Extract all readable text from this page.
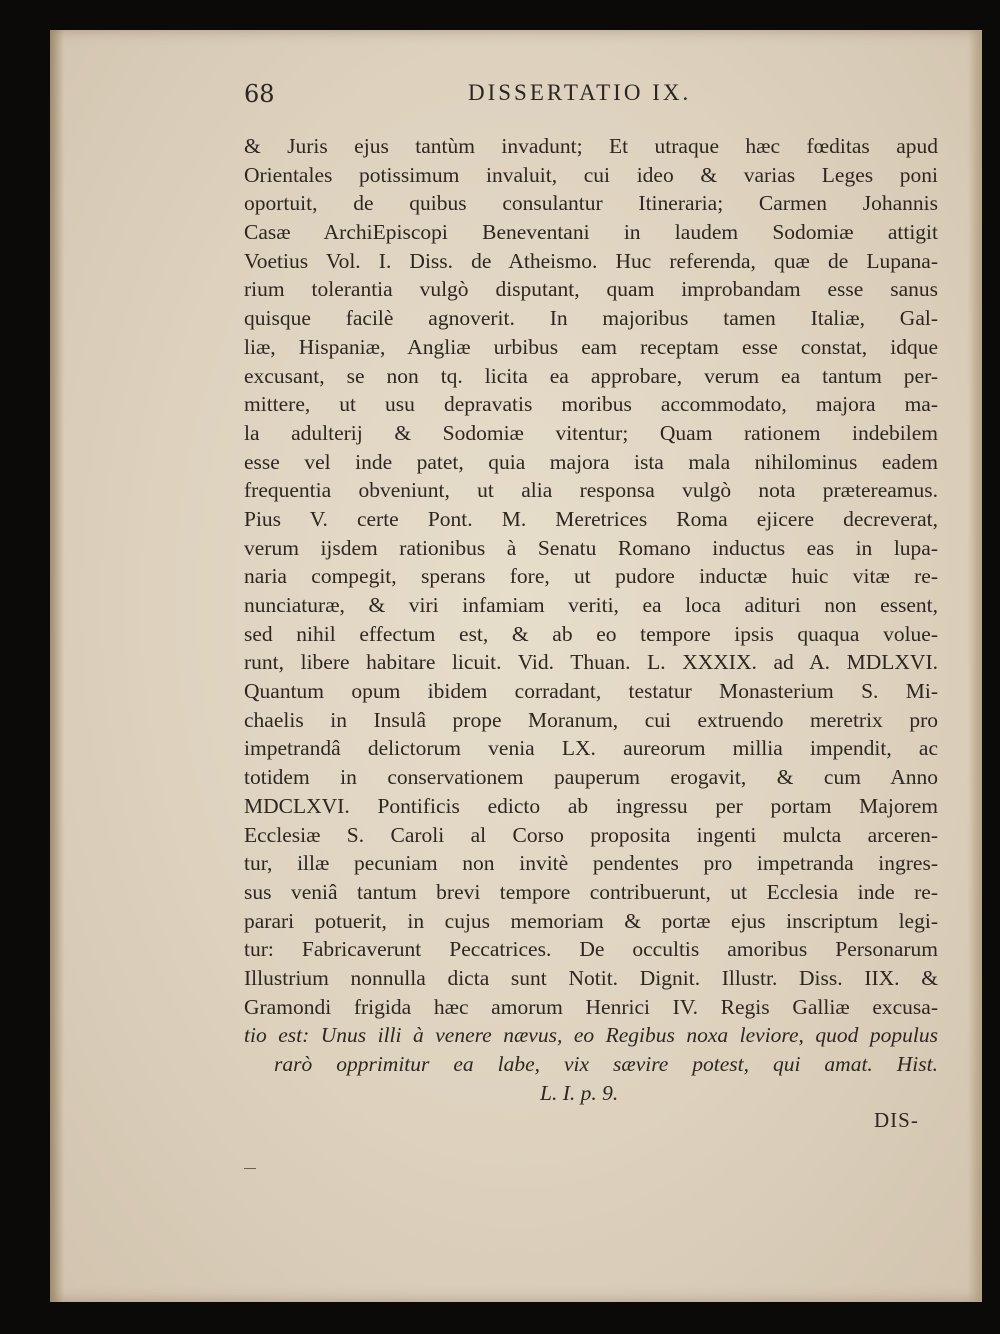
68	DISSERTATIO IX.
& Juris ejus tantùm invadunt; Et utraque hæc fœditas apud
Orientales potissimum invaluit, cui ideo & varias Leges poni
oportuit, de quibus consulantur Itineraria; Carmen Johannis
Casæ ArchiEpiscopi Beneventani in laudem Sodomiæ attigit
Voetius Vol. I. Diss. de Atheismo. Huc referenda, quæ de Lupana-
rium tolerantia vulgò disputant, quam improbandam esse sanus
quisque facilè agnoverit. In majoribus tamen Italiæ, Gal-
liæ, Hispaniæ, Angliæ urbibus eam receptam esse constat, idque
excusant, se non tq. licita ea approbare, verum ea tantum per-
mittere, ut usu depravatis moribus accommodato, majora ma-
la adulterij & Sodomiæ vitentur; Quam rationem indebilem
esse vel inde patet, quia majora ista mala nihilominus eadem
frequentia obveniunt, ut alia responsa vulgò nota prætereamus.
Pius V. certe Pont. M. Meretrices Roma ejicere decreverat,
verum ijsdem rationibus à Senatu Romano inductus eas in lupa-
naria compegit, sperans fore, ut pudore inductæ huic vitæ re-
nunciaturæ, & viri infamiam veriti, ea loca adituri non essent,
sed nihil effectum est, & ab eo tempore ipsis quaqua volue-
runt, libere habitare licuit. Vid. Thuan. L. XXXIX. ad A. MDLXVI.
Quantum opum ibidem corradant, testatur Monasterium S. Mi-
chaelis in Insulâ prope Moranum, cui extruendo meretrix pro
impetrandâ delictorum venia LX. aureorum millia impendit, ac
totidem in conservationem pauperum erogavit, & cum Anno
MDCLXVI. Pontificis edicto ab ingressu per portam Majorem
Ecclesiæ S. Caroli al Corso proposita ingenti mulcta arceren-
tur, illæ pecuniam non invitè pendentes pro impetranda ingres-
sus veniâ tantum brevi tempore contribuerunt, ut Ecclesia inde re-
parari potuerit, in cujus memoriam & portæ ejus inscriptum legi-
tur: Fabricaverunt Peccatrices. De occultis amoribus Personarum
Illustrium nonnulla dicta sunt Notit. Dignit. Illustr. Diss. IIX. &
Gramondi frigida hæc amorum Henrici IV. Regis Galliæ excusa-
tio est: Unus illi à venere nævus, eo Regibus noxa leviore, quod populus
rarò opprimitur ea labe, vix sævire potest, qui amat. Hist.
L. I. p. 9.
DIS-
